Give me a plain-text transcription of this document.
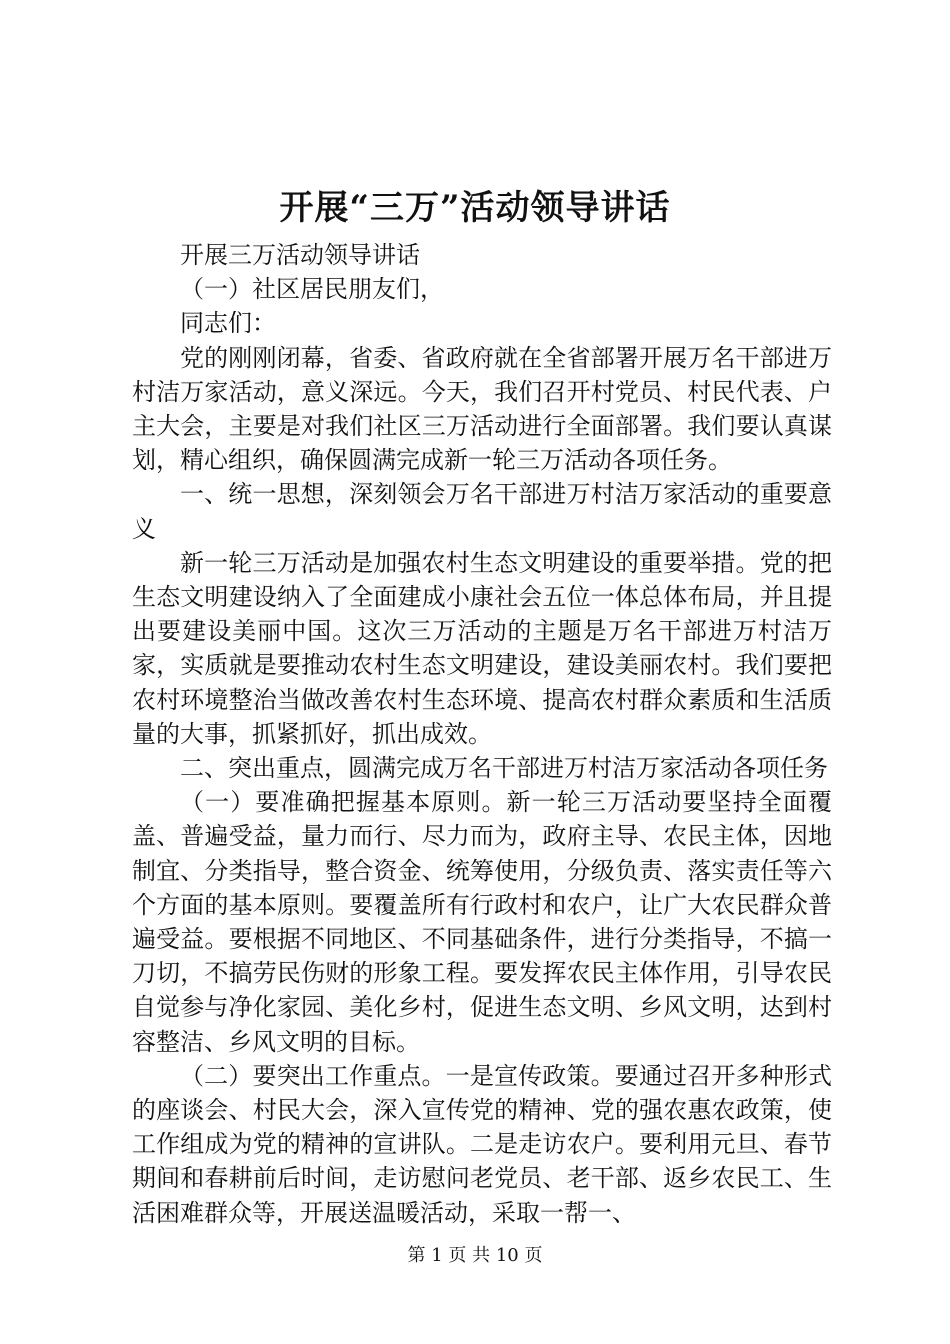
开展“三万”活动领导讲话

开展三万活动领导讲话

（一）社区居民朋友们，

同志们：

党的刚刚闭幕，省委、省政府就在全省部署开展万名干部进万村洁万家活动，意义深远。今天，我们召开村党员、村民代表、户主大会，主要是对我们社区三万活动进行全面部署。我们要认真谋划，精心组织，确保圆满完成新一轮三万活动各项任务。

一、统一思想，深刻领会万名干部进万村洁万家活动的重要意义

新一轮三万活动是加强农村生态文明建设的重要举措。党的把生态文明建设纳入了全面建成小康社会五位一体总体布局，并且提出要建设美丽中国。这次三万活动的主题是万名干部进万村洁万家，实质就是要推动农村生态文明建设，建设美丽农村。我们要把农村环境整治当做改善农村生态环境、提高农村群众素质和生活质量的大事，抓紧抓好，抓出成效。

二、突出重点，圆满完成万名干部进万村洁万家活动各项任务

（一）要准确把握基本原则。新一轮三万活动要坚持全面覆盖、普遍受益，量力而行、尽力而为，政府主导、农民主体，因地制宜、分类指导，整合资金、统筹使用，分级负责、落实责任等六个方面的基本原则。要覆盖所有行政村和农户，让广大农民群众普遍受益。要根据不同地区、不同基础条件，进行分类指导，不搞一刀切，不搞劳民伤财的形象工程。要发挥农民主体作用，引导农民自觉参与净化家园、美化乡村，促进生态文明、乡风文明，达到村容整洁、乡风文明的目标。

（二）要突出工作重点。一是宣传政策。要通过召开多种形式的座谈会、村民大会，深入宣传党的精神、党的强农惠农政策，使工作组成为党的精神的宣讲队。二是走访农户。要利用元旦、春节期间和春耕前后时间，走访慰问老党员、老干部、返乡农民工、生活困难群众等，开展送温暖活动，采取一帮一、

第 1 页 共 10 页
